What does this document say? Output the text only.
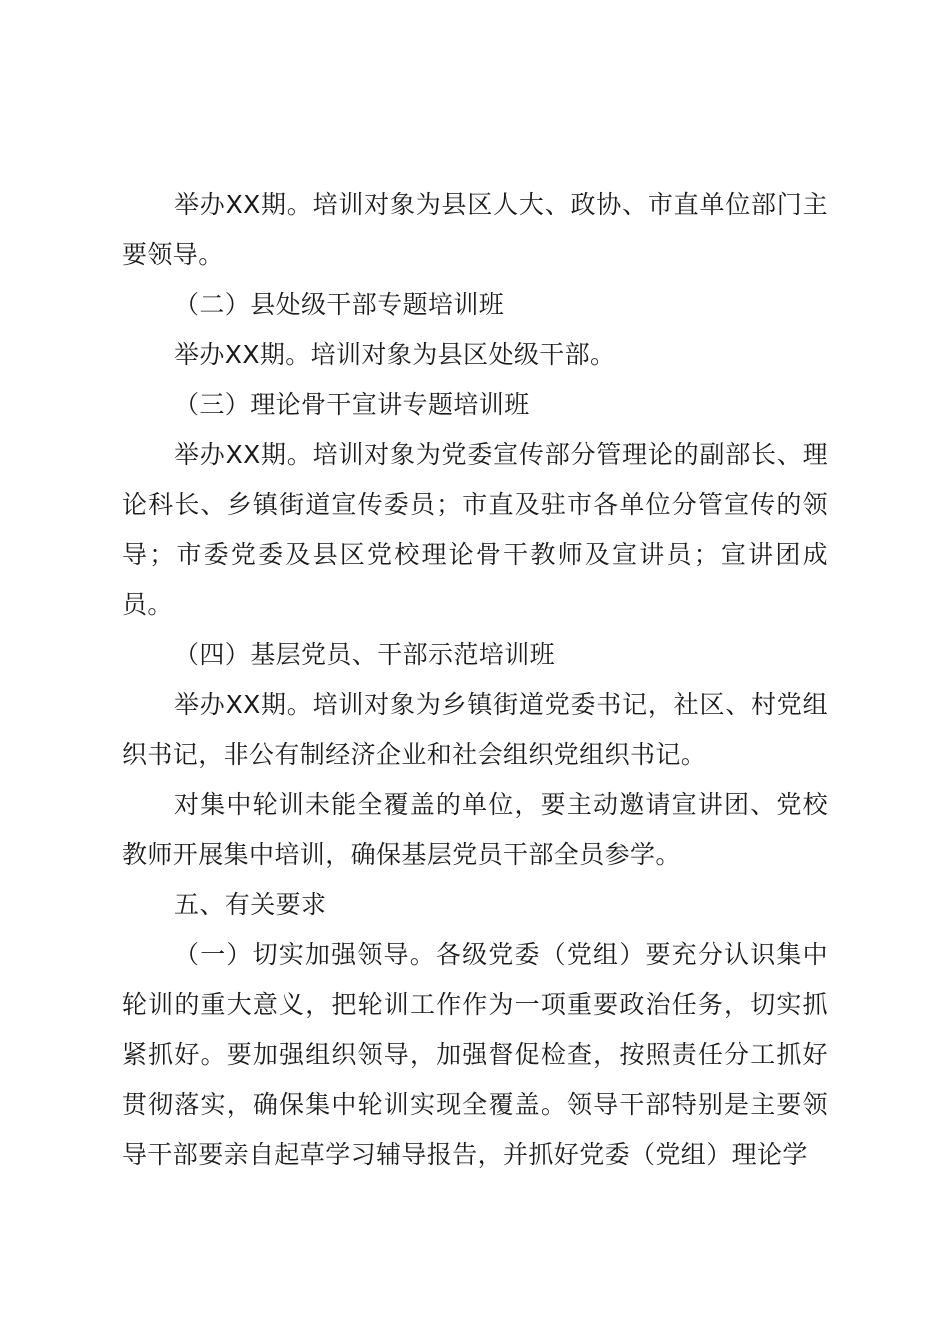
举办XX期。培训对象为县区人大、政协、市直单位部门主要领导。

（二）县处级干部专题培训班

举办XX期。培训对象为县区处级干部。

（三）理论骨干宣讲专题培训班

举办XX期。培训对象为党委宣传部分管理论的副部长、理论科长、乡镇街道宣传委员；市直及驻市各单位分管宣传的领导；市委党委及县区党校理论骨干教师及宣讲员；宣讲团成员。

（四）基层党员、干部示范培训班

举办XX期。培训对象为乡镇街道党委书记，社区、村党组织书记，非公有制经济企业和社会组织党组织书记。

对集中轮训未能全覆盖的单位，要主动邀请宣讲团、党校教师开展集中培训，确保基层党员干部全员参学。

五、有关要求

（一）切实加强领导。各级党委（党组）要充分认识集中轮训的重大意义，把轮训工作作为一项重要政治任务，切实抓紧抓好。要加强组织领导，加强督促检查，按照责任分工抓好贯彻落实，确保集中轮训实现全覆盖。领导干部特别是主要领导干部要亲自起草学习辅导报告，并抓好党委（党组）理论学
